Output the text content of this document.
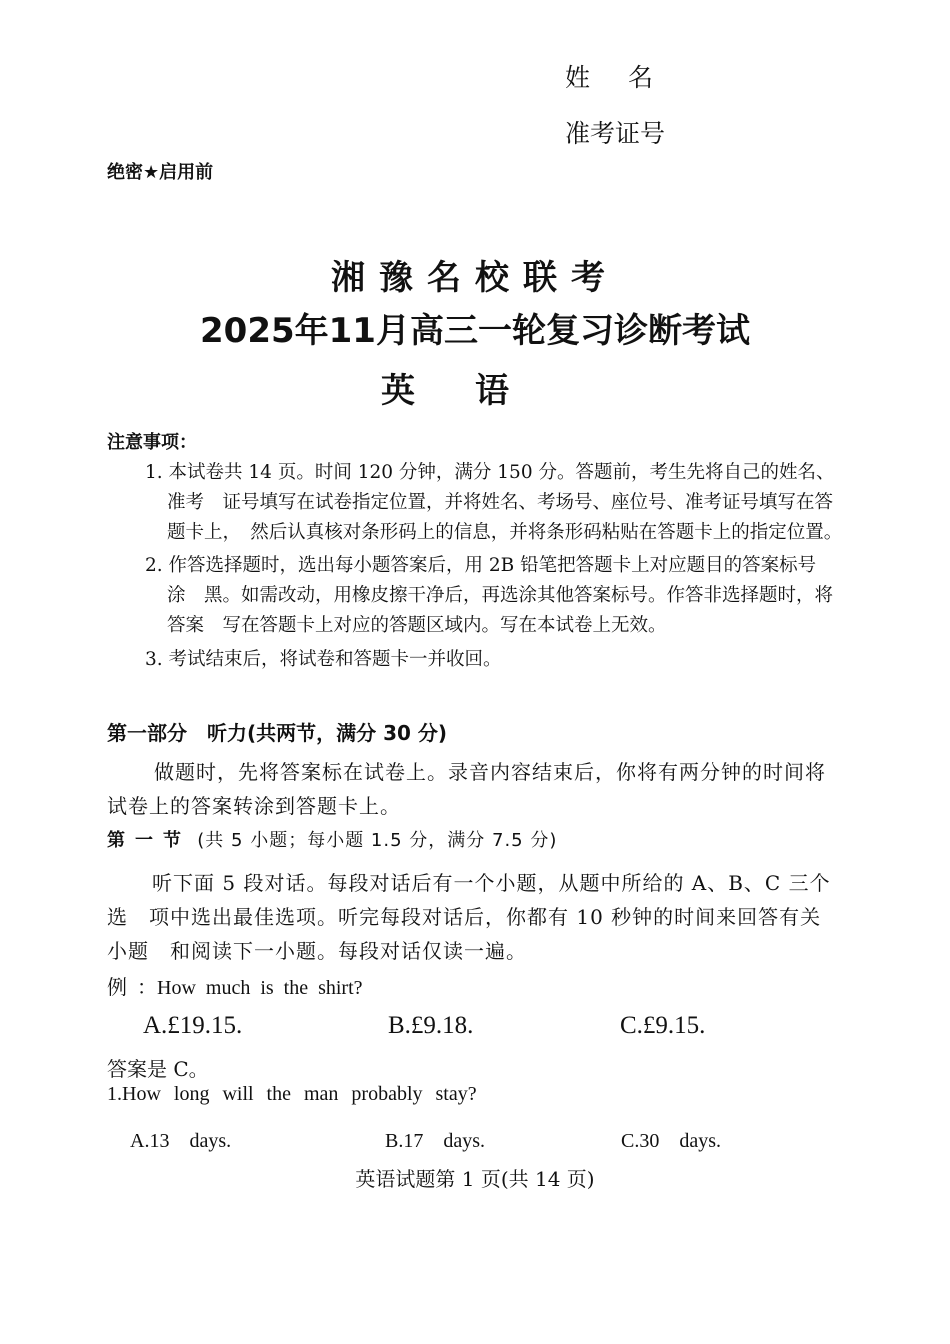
姓名
准考证号
绝密★启用前
湘豫名校联考
2025年11月高三一轮复习诊断考试
英语
注意事项：
1. 本试卷共 14 页。时间 120 分钟，满分 150 分。答题前，考生先将自己的姓名、
准考　证号填写在试卷指定位置，并将姓名、考场号、座位号、准考证号填写在答
题卡上，　然后认真核对条形码上的信息，并将条形码粘贴在答题卡上的指定位置。
2. 作答选择题时，选出每小题答案后，用 2B 铅笔把答题卡上对应题目的答案标号
涂　黑。如需改动，用橡皮擦干净后，再选涂其他答案标号。作答非选择题时，将
答案　写在答题卡上对应的答题区域内。写在本试卷上无效。
3. 考试结束后，将试卷和答题卡一并收回。
第一部分　听力(共两节，满分 30 分)
做题时，先将答案标在试卷上。录音内容结束后，你将有两分钟的时间将
试卷上的答案转涂到答题卡上。
第一节 (共 5 小题；每小题 1.5 分，满分 7.5 分)
听下面 5 段对话。每段对话后有一个小题，从题中所给的 A、B、C 三个
选　项中选出最佳选项。听完每段对话后，你都有 10 秒钟的时间来回答有关
小题　和阅读下一小题。每段对话仅读一遍。
例 ：How much is the shirt?
A.£19.15.	B.£9.18.	C.£9.15.
答案是 C。
1.How long will the man probably stay?
A.13　days.	B.17　days.	C.30　days.
英语试题第 1 页(共 14 页)
